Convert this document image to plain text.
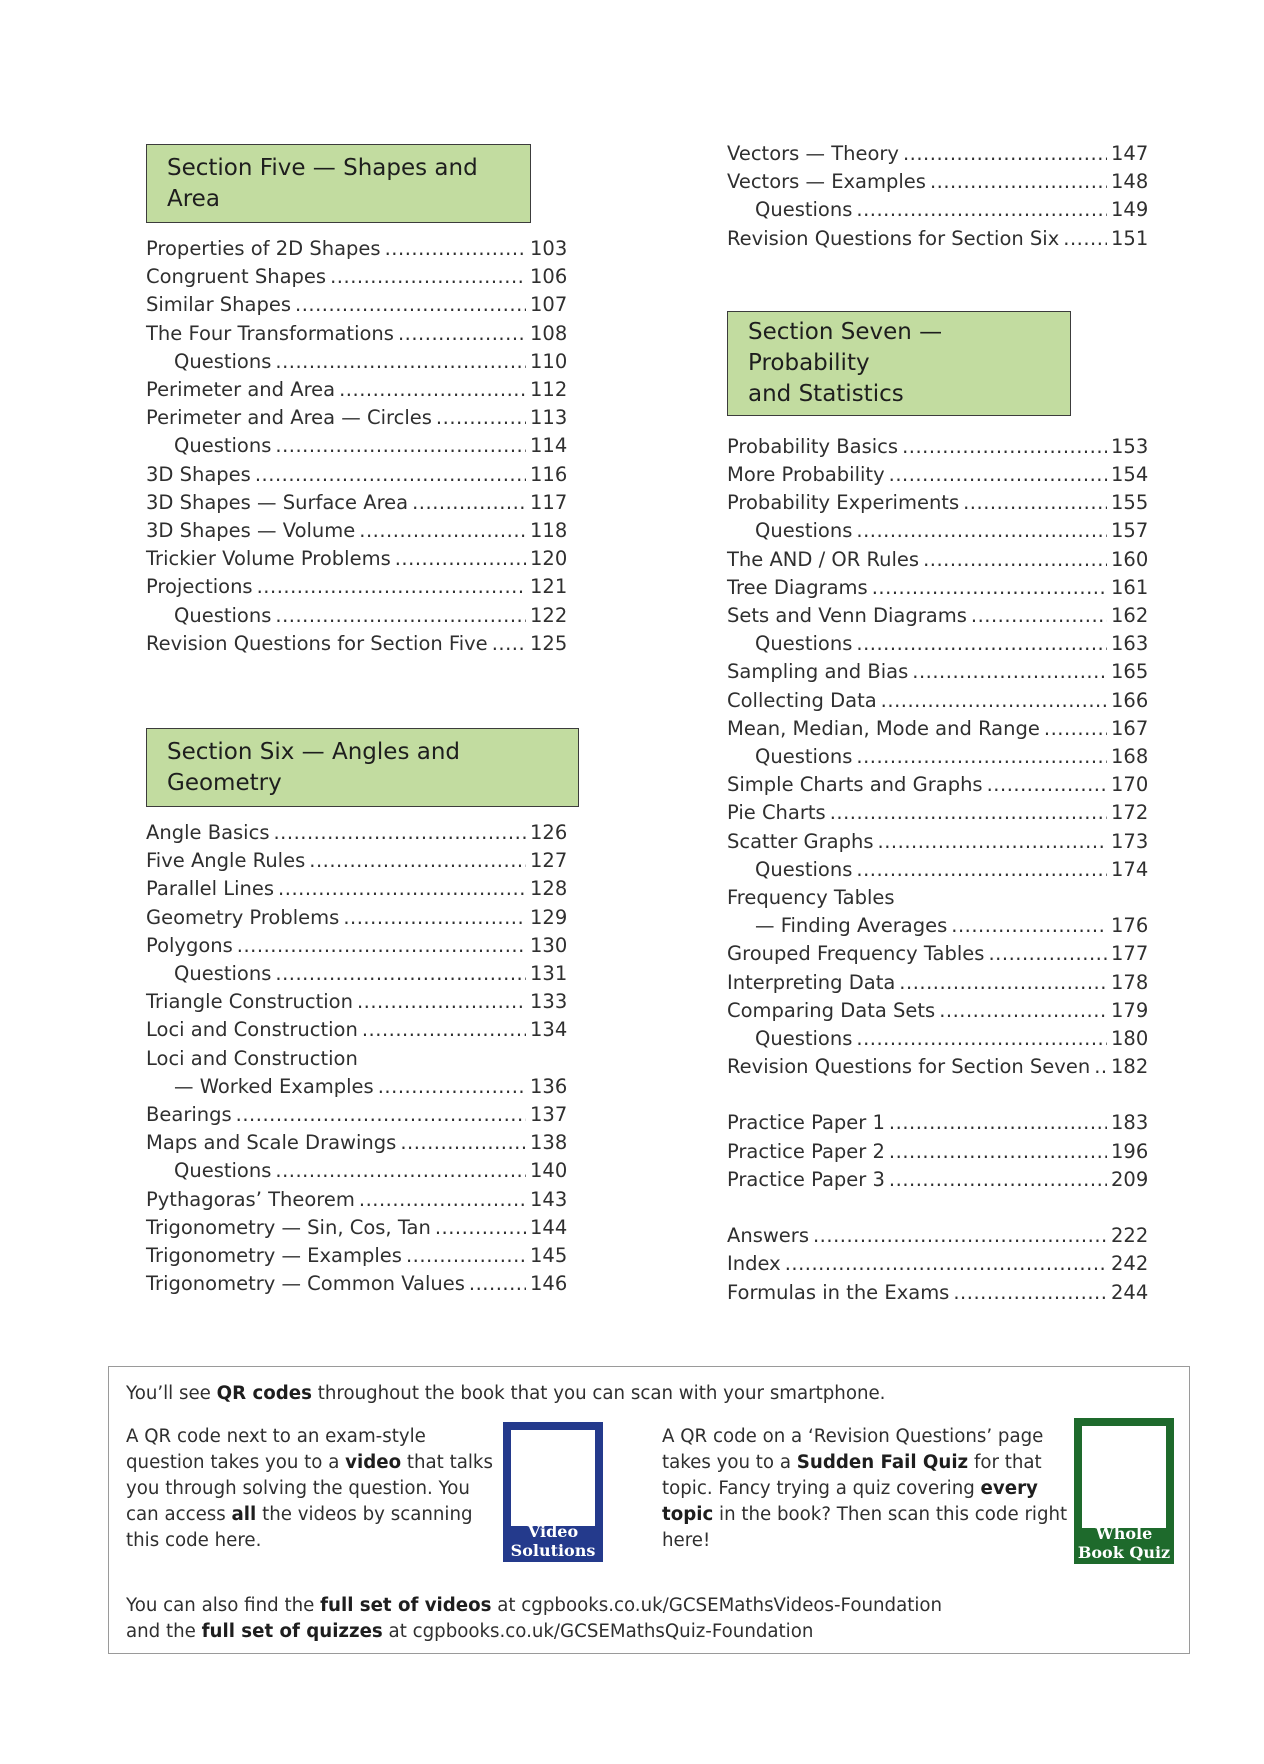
Section Five — Shapes and Area
Properties of 2D Shapes .....	103
Congruent Shapes .....	106
Similar Shapes .....	107
The Four Transformations .....	108
Questions .....	110
Perimeter and Area .....	112
Perimeter and Area — Circles .....	113
Questions .....	114
3D Shapes .....	116
3D Shapes — Surface Area .....	117
3D Shapes — Volume .....	118
Trickier Volume Problems .....	120
Projections .....	121
Questions .....	122
Revision Questions for Section Five ..... 125
Section Six — Angles and Geometry
Angle Basics .....	126
Five Angle Rules .....	127
Parallel Lines .....	128
Geometry Problems .....	129
Polygons .....	130
Questions .....	131
Triangle Construction .....	133
Loci and Construction .....	134
Loci and Construction
— Worked Examples .....	136
Bearings .....	137
Maps and Scale Drawings .....	138
Questions .....	140
Pythagoras’ Theorem .....	143
Trigonometry — Sin, Cos, Tan .....	144
Trigonometry — Examples .....	145
Trigonometry — Common Values .....	146
Vectors — Theory .....	147
Vectors — Examples .....	148
Questions .....	149
Revision Questions for Section Six .....	151
Section Seven — Probability
and Statistics
Probability Basics .....	153
More Probability .....	154
Probability Experiments .....	155
Questions .....	157
The AND / OR Rules .....	160
Tree Diagrams .....	161
Sets and Venn Diagrams .....	162
Questions .....	163
Sampling and Bias .....	165
Collecting Data .....	166
Mean, Median, Mode and Range .....	167
Questions .....	168
Simple Charts and Graphs .....	170
Pie Charts .....	172
Scatter Graphs .....	173
Questions .....	174
Frequency Tables
— Finding Averages .....	176
Grouped Frequency Tables .....	177
Interpreting Data .....	178
Comparing Data Sets .....	179
Questions .....	180
Revision Questions for Section Seven ..... 182
Practice Paper 1 .....	183
Practice Paper 2 .....	196
Practice Paper 3 .....	209
Answers .....	222
Index .....	242
Formulas in the Exams .....	244
You’ll see QR codes throughout the book that you can scan with your smartphone.
A QR code next to an exam-style question takes you to a video that talks you through solving the question. You can access all the videos by scanning this code here.	Video
Solutions
A QR code on a ‘Revision Questions’ page takes you to a Sudden Fail Quiz for that topic. Fancy trying a quiz covering every topic in the book? Then scan this code right here!	Whole
Book Quiz
You can also find the full set of videos at cgpbooks.co.uk/GCSEMathsVideos-Foundation
and the full set of quizzes at cgpbooks.co.uk/GCSEMathsQuiz-Foundation
